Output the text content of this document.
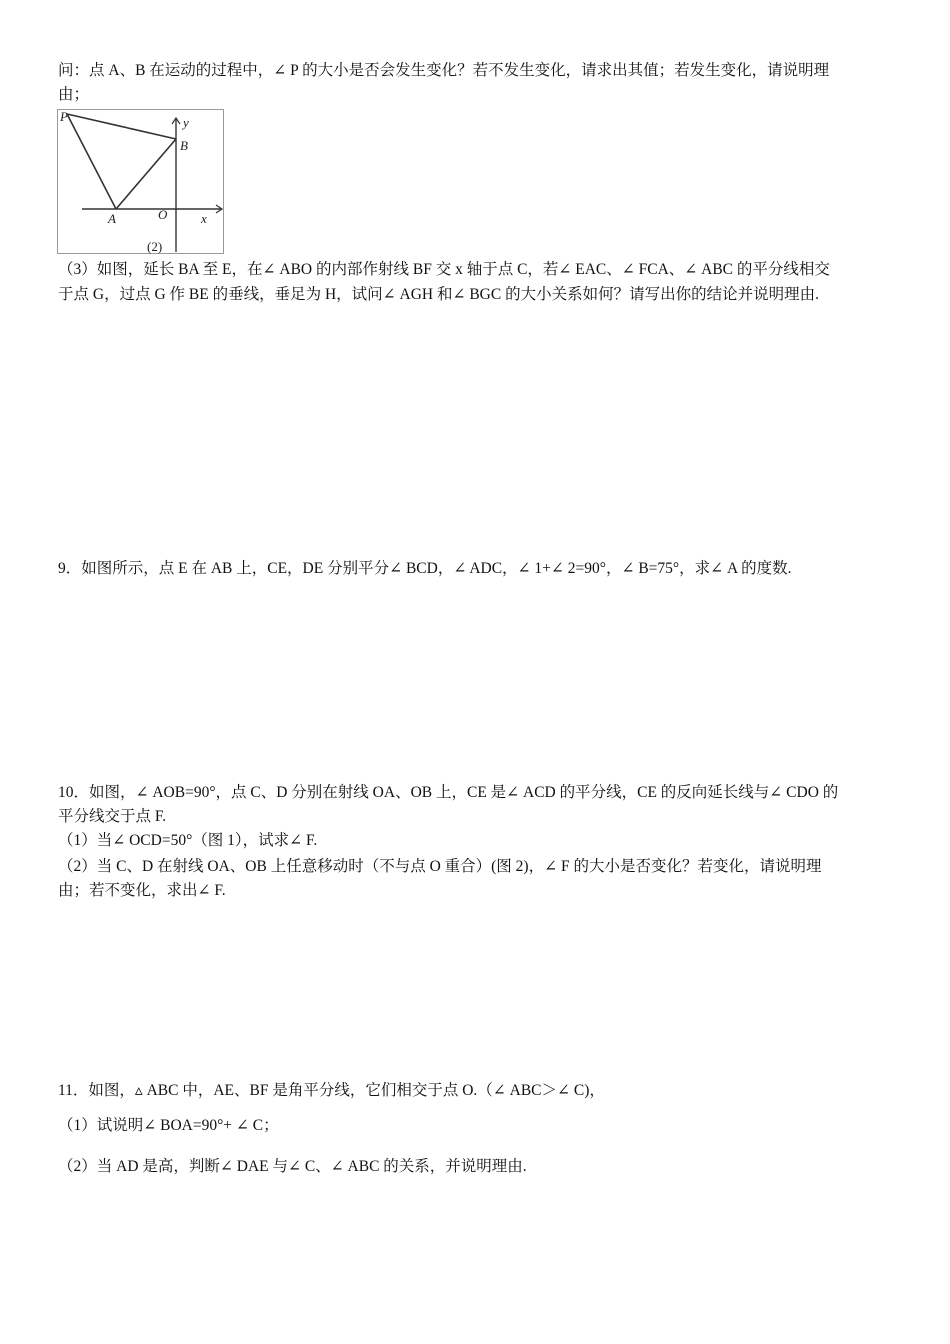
问：点 A、B 在运动的过程中，∠ P 的大小是否会发生变化？若不发生变化，请求出其值；若发生变化，请说明理
由；
P	y
B
A	O	x
(2)
（3）如图，延长 BA 至 E，在∠ ABO 的内部作射线 BF 交 x 轴于点 C，若∠ EAC、∠ FCA、∠ ABC 的平分线相交
于点 G，过点 G 作 BE 的垂线，垂足为 H，试问∠ AGH 和∠ BGC 的大小关系如何？请写出你的结论并说明理由.
9．如图所示，点 E 在 AB 上，CE，DE 分别平分∠ BCD，∠ ADC，∠ 1+∠ 2=90°，∠ B=75°，求∠ A 的度数.
10．如图，∠ AOB=90°，点 C、D 分别在射线 OA、OB 上，CE 是∠ ACD 的平分线，CE 的反向延长线与∠ CDO 的
平分线交于点 F.
（1）当∠ OCD=50°（图 1），试求∠ F.
（2）当 C、D 在射线 OA、OB 上任意移动时（不与点 O 重合）(图 2)，∠ F 的大小是否变化？若变化，请说明理
由；若不变化，求出∠ F.
11．如图，▵ ABC 中，AE、BF 是角平分线，它们相交于点 O.（∠ ABC＞∠ C)，
（1）试说明∠ BOA=90°+ ∠ C；
（2）当 AD 是高，判断∠ DAE 与∠ C、∠ ABC 的关系，并说明理由.
